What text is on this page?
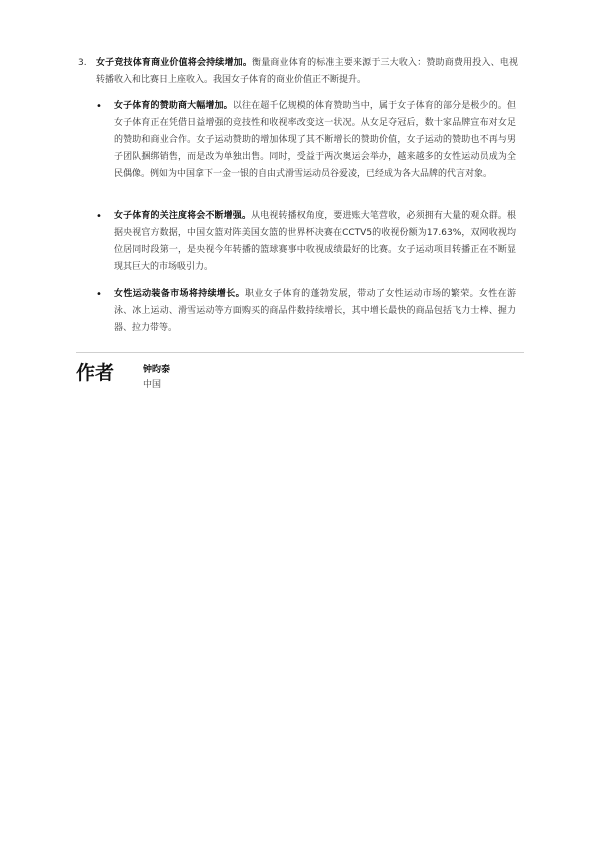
3. 女子竞技体育商业价值将会持续增加。衡量商业体育的标准主要来源于三大收入：赞助商费用投入、电视转播收入和比赛日上座收入。我国女子体育的商业价值正不断提升。
• 女子体育的赞助商大幅增加。以往在超千亿规模的体育赞助当中，属于女子体育的部分是极少的。但女子体育正在凭借日益增强的竞技性和收视率改变这一状况。从女足夺冠后，数十家品牌宣布对女足的赞助和商业合作。女子运动赞助的增加体现了其不断增长的赞助价值，女子运动的赞助也不再与男子团队捆绑销售，而是改为单独出售。同时，受益于两次奥运会举办，越来越多的女性运动员成为全民偶像。例如为中国拿下一金一银的自由式滑雪运动员谷爱凌，已经成为各大品牌的代言对象。
• 女子体育的关注度将会不断增强。从电视转播权角度，要进账大笔营收，必须拥有大量的观众群。根据央视官方数据，中国女篮对阵美国女篮的世界杯决赛在CCTV5的收视份额为17.63%，双网收视均位居同时段第一，是央视今年转播的篮球赛事中收视成绩最好的比赛。女子运动项目转播正在不断显现其巨大的市场吸引力。
• 女性运动装备市场将持续增长。职业女子体育的蓬勃发展，带动了女性运动市场的繁荣。女性在游泳、冰上运动、滑雪运动等方面购买的商品件数持续增长，其中增长最快的商品包括飞力士棒、握力器、拉力带等。
作者	钟昀泰
中国
